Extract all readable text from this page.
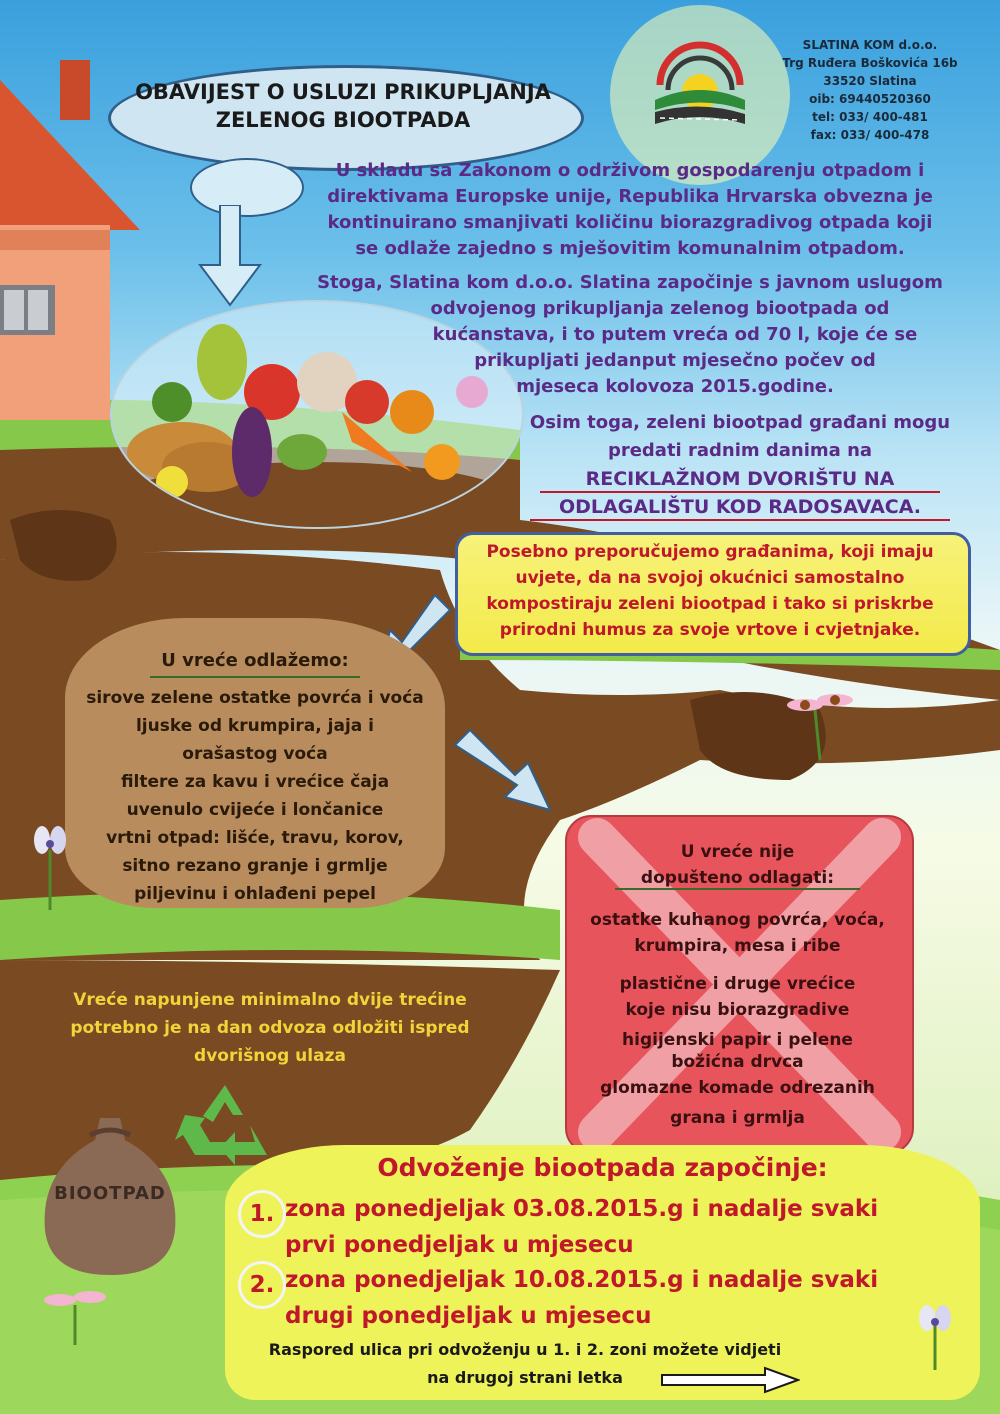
OBAVIJEST O USLUZI PRIKUPLJANJA
ZELENOG BIOOTPADA
SLATINA KOM d.o.o.
Trg Ruđera Boškovića 16b
33520 Slatina
oib: 69440520360
tel: 033/ 400-481
fax: 033/ 400-478
U skladu sa Zakonom o održivom gospodarenju otpadom i
direktivama Europske unije, Republika Hrvarska obvezna je
kontinuirano smanjivati količinu biorazgradivog otpada koji
se odlaže zajedno s mješovitim komunalnim otpadom.
Stoga, Slatina kom d.o.o. Slatina započinje s javnom uslugom
odvojenog prikupljanja zelenog biootpada od
kućanstava, i to putem vreća od 70 l, koje će se
prikupljati jedanput mjesečno počev od
mjeseca kolovoza 2015.godine.
Osim toga, zeleni biootpad građani mogu
predati radnim danima na
RECIKLAŽNOM DVORIŠTU NA
ODLAGALIŠTU KOD RADOSAVACA.
Posebno preporučujemo građanima, koji imaju
uvjete, da na svojoj okućnici samostalno
kompostiraju zeleni biootpad i tako si priskrbe
prirodni humus za svoje vrtove i cvjetnjake.
U vreće odlažemo:
sirove zelene ostatke povrća i voća
ljuske od krumpira, jaja i
orašastog voća
filtere za kavu i vrećice čaja
uvenulo cvijeće i lončanice
vrtni otpad: lišće, travu, korov,
sitno rezano granje i grmlje
piljevinu i ohlađeni pepel
U vreće nije
dopušteno odlagati:
ostatke kuhanog povrća, voća,
krumpira, mesa i ribe
plastične i druge vrećice
koje nisu biorazgradive
higijenski papir i pelene
božićna drvca
glomazne komade odrezanih
grana i grmlja
Vreće napunjene minimalno dvije trećine
potrebno je na dan odvoza odložiti ispred
dvorišnog ulaza
BIOOTPAD
Odvoženje biootpada započinje:
1. zona ponedjeljak 03.08.2015.g i nadalje svaki
prvi ponedjeljak u mjesecu
2. zona ponedjeljak 10.08.2015.g i nadalje svaki
drugi ponedjeljak u mjesecu
Raspored ulica pri odvoženju u 1. i 2. zoni možete vidjeti
na drugoj strani letka
